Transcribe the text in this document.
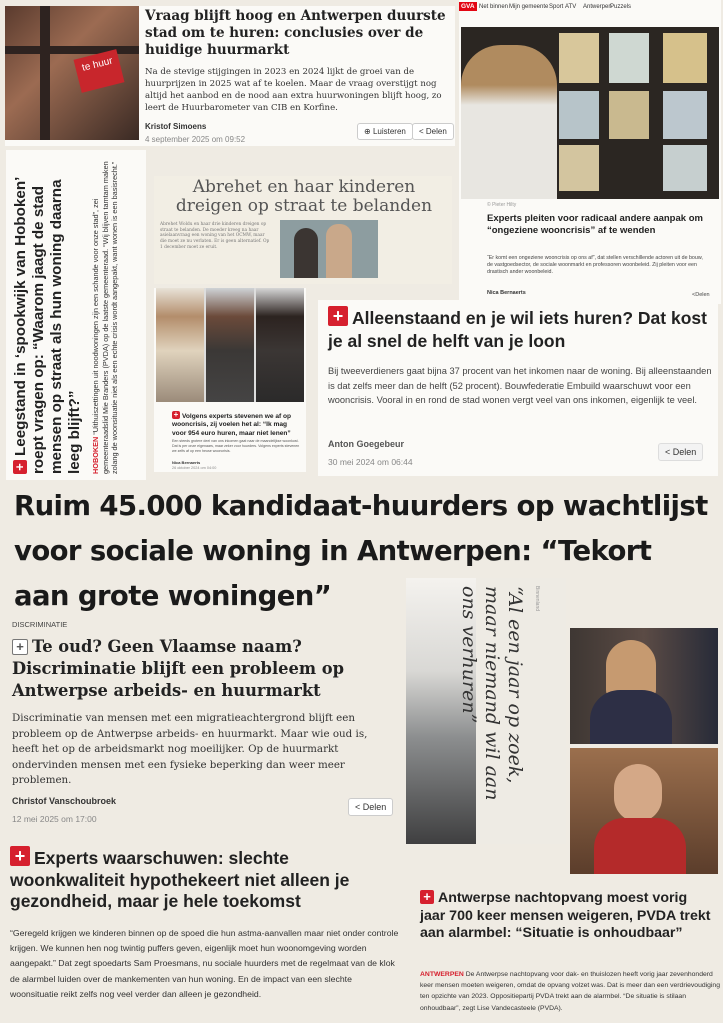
te huur
Vraag blijft hoog en Antwerpen duurste stad om te huren: conclusies over de huidige huurmarkt
Na de stevige stijgingen in 2023 en 2024 lijkt de groei van de huurprijzen in 2025 wat af te koelen. Maar de vraag overstijgt nog altijd het aanbod en de nood aan extra huurwoningen blijft hoog, zo leert de Huurbarometer van CIB en Korfine.
Kristof Simoens
4 september 2025 om 09:52
⊕ Luisteren	< Delen
GVA Net binnen Mijn gemeente Sport ATV Antwerpen
Puzzels
© Pieter Hilty
Experts pleiten voor radicaal andere aanpak om “ongeziene wooncrisis” af te wenden
“Er komt een ongeziene wooncrisis op ons af”, dat stellen verschillende actoren uit de bouw, de vastgoedsector, de sociale woonmarkt en professoren woonbeleid. Zij pleiten voor een drastisch ander woonbeleid.
Nica Bernaerts	<Delen
+Leegstand in ‘spookwijk van Hoboken’ roept vragen op: “Waarom jaagt de stad mensen op straat als hun woning daarna leeg blijft?” HOBOKEN “Uithuiszettingen uit noodwoningen zijn een schande voor onze stad”, zei gemeenteraadslid Mie Branders (PVDA) op de laatste gemeenteraad. “Wij blijven tamtam maken zolang de woonsituatie niet als een echte crisis wordt aangepakt, want wonen is een basisrecht.”	Abrehet en haar kinderen dreigen op straat te belanden
Abrehet Woldu en haar drie kinderen dreigen op straat te belanden. De moeder kreeg na haar asielaanvraag een woning van het OCMW, maar die moet ze nu verlaten. Er is geen alternatief. Op 1 december moet ze eruit.
+ Volgens experts stevenen we af op wooncrisis, zij voelen het al: “Ik mag voor 954 euro huren, maar niet lenen”
Een steeds grotere deel van ons inkomen gaat naar de maandelijkse woonkost. Dat is per onze eigenaars, maar zeker voor huurders. Volgens experts stevenen we zelfs af op een heuse wooncrisis.
Nica Bernaerts
26 oktober 2024 om 04:00
+ Alleenstaand en je wil iets huren? Dat kost je al snel de helft van je loon
Bij tweeverdieners gaat bijna 37 procent van het inkomen naar de woning. Bij alleenstaanden is dat zelfs meer dan de helft (52 procent). Bouwfederatie Embuild waarschuwt voor een wooncrisis. Vooral in en rond de stad wonen vergt veel van ons inkomen, eigenlijk te veel.
Anton Goegebeur
30 mei 2024 om 06:44
< Delen
Ruim 45.000 kandidaat-huurders op wachtlijst voor sociale woning in Antwerpen: “Tekort aan grote woningen”
DISCRIMINATIE
+ Te oud? Geen Vlaamse naam? Discriminatie blijft een probleem op Antwerpse arbeids- en huurmarkt
Discriminatie van mensen met een migratieachtergrond blijft een probleem op de Antwerpse arbeids- en huurmarkt. Maar wie oud is, heeft het op de arbeidsmarkt nog moeilijker. Op de huurmarkt ondervinden mensen met een fysieke beperking dan weer meer problemen.
Christof Vanschoubroek
12 mei 2025 om 17:00
< Delen
“Al een jaar op zoek, maar niemand wil aan ons verhuren”	Binnenland
+ Experts waarschuwen: slechte woonkwaliteit hypothekeert niet alleen je gezondheid, maar je hele toekomst
“Geregeld krijgen we kinderen binnen op de spoed die hun astma-aanvallen maar niet onder controle krijgen. We kunnen hen nog twintig puffers geven, eigenlijk moet hun woonomgeving worden aangepakt.” Dat zegt spoedarts Sam Proesmans, nu sociale huurders met de regelmaat van de klok de alarmbel luiden over de mankementen van hun woning. En de impact van een slechte woonsituatie reikt zelfs nog veel verder dan alleen je gezondheid.
+ Antwerpse nachtopvang moest vorig jaar 700 keer mensen weigeren, PVDA trekt aan alarmbel: “Situatie is onhoudbaar”
ANTWERPEN De Antwerpse nachtopvang voor dak- en thuislozen heeft vorig jaar zevenhonderd keer mensen moeten weigeren, omdat de opvang volzet was. Dat is meer dan een verdrievoudiging ten opzichte van 2023. Oppositiepartij PVDA trekt aan de alarmbel. “De situatie is stilaan onhoudbaar”, zegt Lise Vandecasteele (PVDA).
